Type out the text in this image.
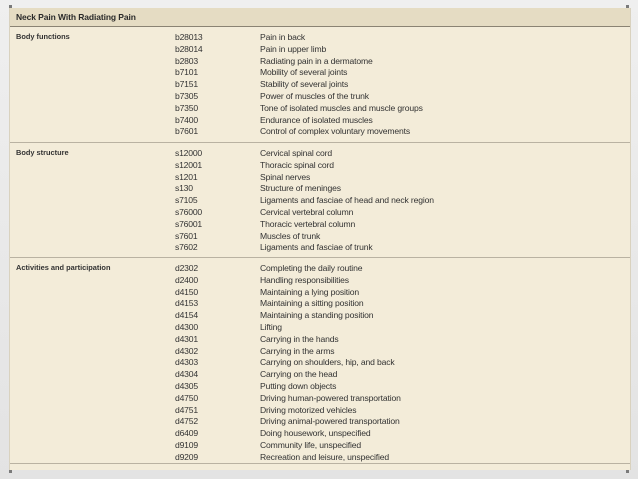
Neck Pain With Radiating Pain
Body functions	b28013	Pain in back
b28014	Pain in upper limb
b2803	Radiating pain in a dermatome
b7101	Mobility of several joints
b7151	Stability of several joints
b7305	Power of muscles of the trunk
b7350	Tone of isolated muscles and muscle groups
b7400	Endurance of isolated muscles
b7601	Control of complex voluntary movements
Body structure	s12000	Cervical spinal cord
s12001	Thoracic spinal cord
s1201	Spinal nerves
s130	Structure of meninges
s7105	Ligaments and fasciae of head and neck region
s76000	Cervical vertebral column
s76001	Thoracic vertebral column
s7601	Muscles of trunk
s7602	Ligaments and fasciae of trunk
Activities and participation	d2302	Completing the daily routine
d2400	Handling responsibilities
d4150	Maintaining a lying position
d4153	Maintaining a sitting position
d4154	Maintaining a standing position
d4300	Lifting
d4301	Carrying in the hands
d4302	Carrying in the arms
d4303	Carrying on shoulders, hip, and back
d4304	Carrying on the head
d4305	Putting down objects
d4750	Driving human-powered transportation
d4751	Driving motorized vehicles
d4752	Driving animal-powered transportation
d6409	Doing housework, unspecified
d9109	Community life, unspecified
d9209	Recreation and leisure, unspecified
